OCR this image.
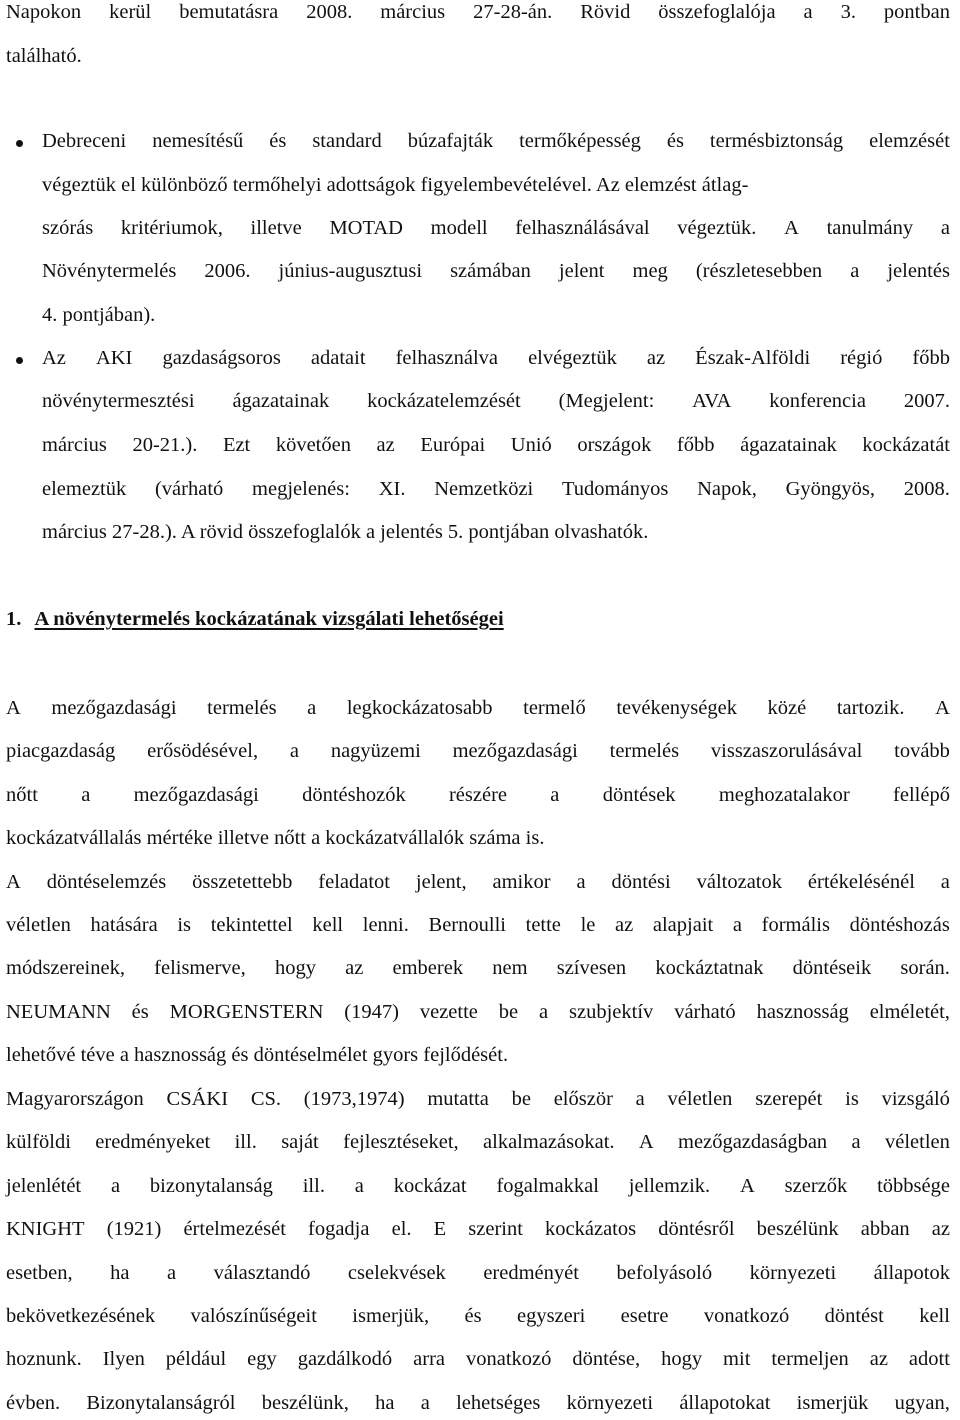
Napokon kerül bemutatásra 2008. március 27-28-án. Rövid összefoglalója a 3. pontban
található.
Debreceni nemesítésű és standard búzafajták termőképesség és termésbiztonság elemzését
végeztük el különböző termőhelyi adottságok figyelembevételével. Az elemzést átlag-
szórás kritériumok, illetve MOTAD modell felhasználásával végeztük. A tanulmány a
Növénytermelés 2006. június-augusztusi számában jelent meg (részletesebben a jelentés
4. pontjában).
Az AKI gazdaságsoros adatait felhasználva elvégeztük az Észak-Alföldi régió főbb
növénytermesztési ágazatainak kockázatelemzését (Megjelent: AVA konferencia 2007.
március 20-21.). Ezt követően az Európai Unió országok főbb ágazatainak kockázatát
elemeztük (várható megjelenés: XI. Nemzetközi Tudományos Napok, Gyöngyös, 2008.
március 27-28.). A rövid összefoglalók a jelentés 5. pontjában olvashatók.
1. A növénytermelés kockázatának vizsgálati lehetőségei
A mezőgazdasági termelés a legkockázatosabb termelő tevékenységek közé tartozik. A
piacgazdaság erősödésével, a nagyüzemi mezőgazdasági termelés visszaszorulásával tovább
nőtt a mezőgazdasági döntéshozók részére a döntések meghozatalakor fellépő
kockázatvállalás mértéke illetve nőtt a kockázatvállalók száma is.
A döntéselemzés összetettebb feladatot jelent, amikor a döntési változatok értékelésénél a
véletlen hatására is tekintettel kell lenni. Bernoulli tette le az alapjait a formális döntéshozás
módszereinek, felismerve, hogy az emberek nem szívesen kockáztatnak döntéseik során.
NEUMANN és MORGENSTERN (1947) vezette be a szubjektív várható hasznosság elméletét,
lehetővé téve a hasznosság és döntéselmélet gyors fejlődését.
Magyarországon CSÁKI CS. (1973,1974) mutatta be először a véletlen szerepét is vizsgáló
külföldi eredményeket ill. saját fejlesztéseket, alkalmazásokat. A mezőgazdaságban a véletlen
jelenlétét a bizonytalanság ill. a kockázat fogalmakkal jellemzik. A szerzők többsége
KNIGHT (1921) értelmezését fogadja el. E szerint kockázatos döntésről beszélünk abban az
esetben, ha a választandó cselekvések eredményét befolyásoló környezeti állapotok
bekövetkezésének valószínűségeit ismerjük, és egyszeri esetre vonatkozó döntést kell
hoznunk. Ilyen például egy gazdálkodó arra vonatkozó döntése, hogy mit termeljen az adott
évben. Bizonytalanságról beszélünk, ha a lehetséges környezeti állapotokat ismerjük ugyan,
